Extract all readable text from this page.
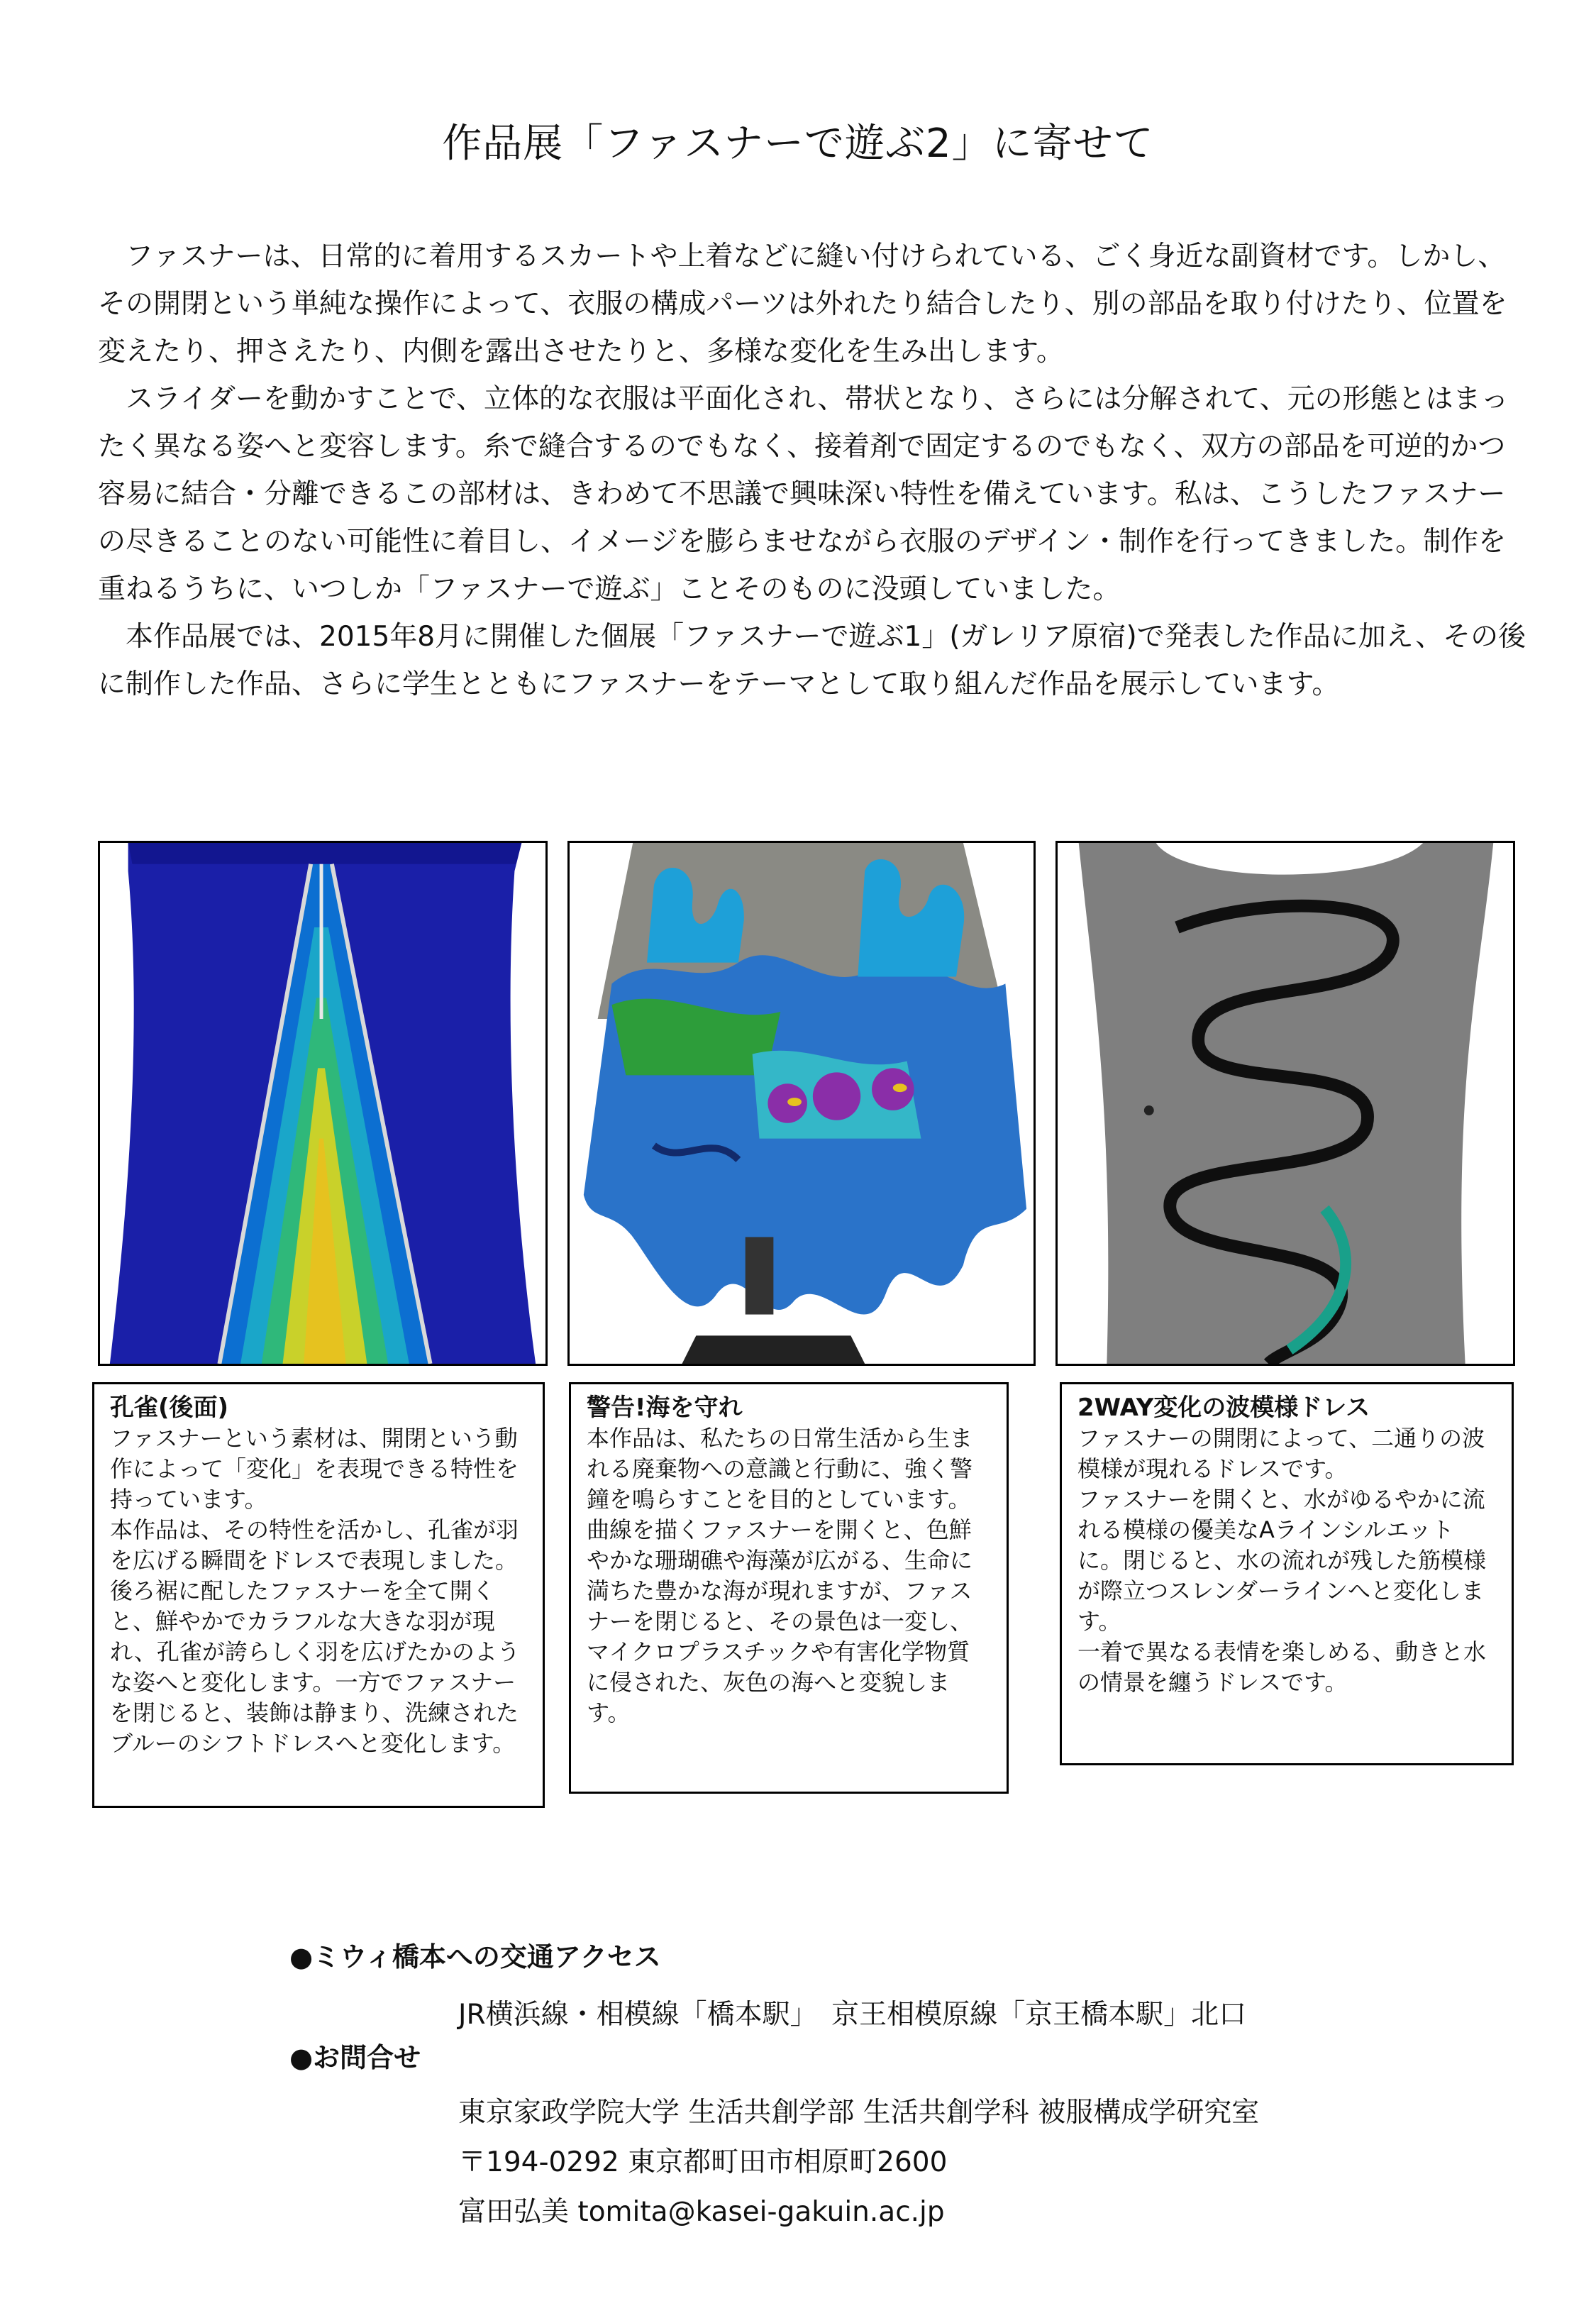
作品展「ファスナーで遊ぶ2」に寄せて

ファスナーは、日常的に着用するスカートや上着などに縫い付けられている、ごく身近な副資材です。しかし、その開閉という単純な操作によって、衣服の構成パーツは外れたり結合したり、別の部品を取り付けたり、位置を変えたり、押さえたり、内側を露出させたりと、多様な変化を生み出します。

スライダーを動かすことで、立体的な衣服は平面化され、帯状となり、さらには分解されて、元の形態とはまったく異なる姿へと変容します。糸で縫合するのでもなく、接着剤で固定するのでもなく、双方の部品を可逆的かつ容易に結合・分離できるこの部材は、きわめて不思議で興味深い特性を備えています。私は、こうしたファスナーの尽きることのない可能性に着目し、イメージを膨らませながら衣服のデザイン・制作を行ってきました。制作を重ねるうちに、いつしか「ファスナーで遊ぶ」ことそのものに没頭していました。

本作品展では、2015年8月に開催した個展「ファスナーで遊ぶ1」(ガレリア原宿)で発表した作品に加え、その後に制作した作品、さらに学生とともにファスナーをテーマとして取り組んだ作品を展示しています。

孔雀(後面)
ファスナーという素材は、開閉という動作によって「変化」を表現できる特性を持っています。
本作品は、その特性を活かし、孔雀が羽を広げる瞬間をドレスで表現しました。後ろ裾に配したファスナーを全て開くと、鮮やかでカラフルな大きな羽が現れ、孔雀が誇らしく羽を広げたかのような姿へと変化します。一方でファスナーを閉じると、装飾は静まり、洗練されたブルーのシフトドレスへと変化します。
警告!海を守れ
本作品は、私たちの日常生活から生まれる廃棄物への意識と行動に、強く警鐘を鳴らすことを目的としています。
曲線を描くファスナーを開くと、色鮮やかな珊瑚礁や海藻が広がる、生命に満ちた豊かな海が現れますが、ファスナーを閉じると、その景色は一変し、マイクロプラスチックや有害化学物質に侵された、灰色の海へと変貌します。
2WAY変化の波模様ドレス
ファスナーの開閉によって、二通りの波模様が現れるドレスです。
ファスナーを開くと、水がゆるやかに流れる模様の優美なAラインシルエットに。閉じると、水の流れが残した筋模様が際立つスレンダーラインへと変化します。
一着で異なる表情を楽しめる、動きと水の情景を纏うドレスです。
●ミウィ橋本への交通アクセス
JR横浜線・相模線「橋本駅」　京王相模原線「京王橋本駅」北口
●お問合せ
東京家政学院大学 生活共創学部 生活共創学科 被服構成学研究室
〒194-0292 東京都町田市相原町2600
富田弘美 tomita@kasei-gakuin.ac.jp
